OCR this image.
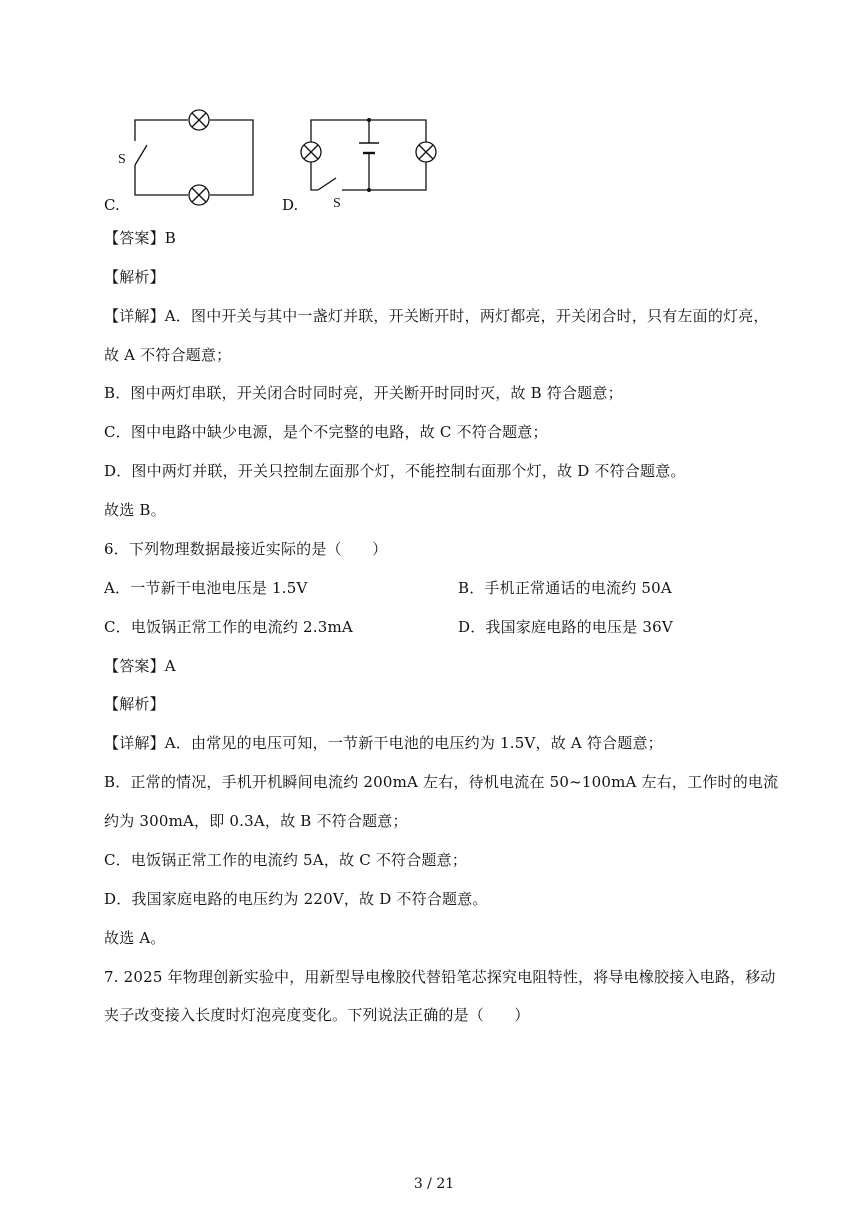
C.
S
D. S
【答案】B
【解析】
【详解】A．图中开关与其中一盏灯并联，开关断开时，两灯都亮，开关闭合时，只有左面的灯亮，
故 A 不符合题意；
B．图中两灯串联，开关闭合时同时亮，开关断开时同时灭，故 B 符合题意；
C．图中电路中缺少电源，是个不完整的电路，故 C 不符合题意；
D．图中两灯并联，开关只控制左面那个灯，不能控制右面那个灯，故 D 不符合题意。
故选 B。
6．下列物理数据最接近实际的是（　　）
A．一节新干电池电压是 1.5V	B．手机正常通话的电流约 50A
C．电饭锅正常工作的电流约 2.3mA	D．我国家庭电路的电压是 36V
【答案】A
【解析】
【详解】A．由常见的电压可知，一节新干电池的电压约为 1.5V，故 A 符合题意；
B．正常的情况，手机开机瞬间电流约 200mA 左右，待机电流在 50~100mA 左右，工作时的电流
约为 300mA，即 0.3A，故 B 不符合题意；
C．电饭锅正常工作的电流约 5A，故 C 不符合题意；
D．我国家庭电路的电压约为 220V，故 D 不符合题意。
故选 A。
7. 2025 年物理创新实验中，用新型导电橡胶代替铅笔芯探究电阻特性，将导电橡胶接入电路，移动
夹子改变接入长度时灯泡亮度变化。下列说法正确的是（　　）
3 / 21
